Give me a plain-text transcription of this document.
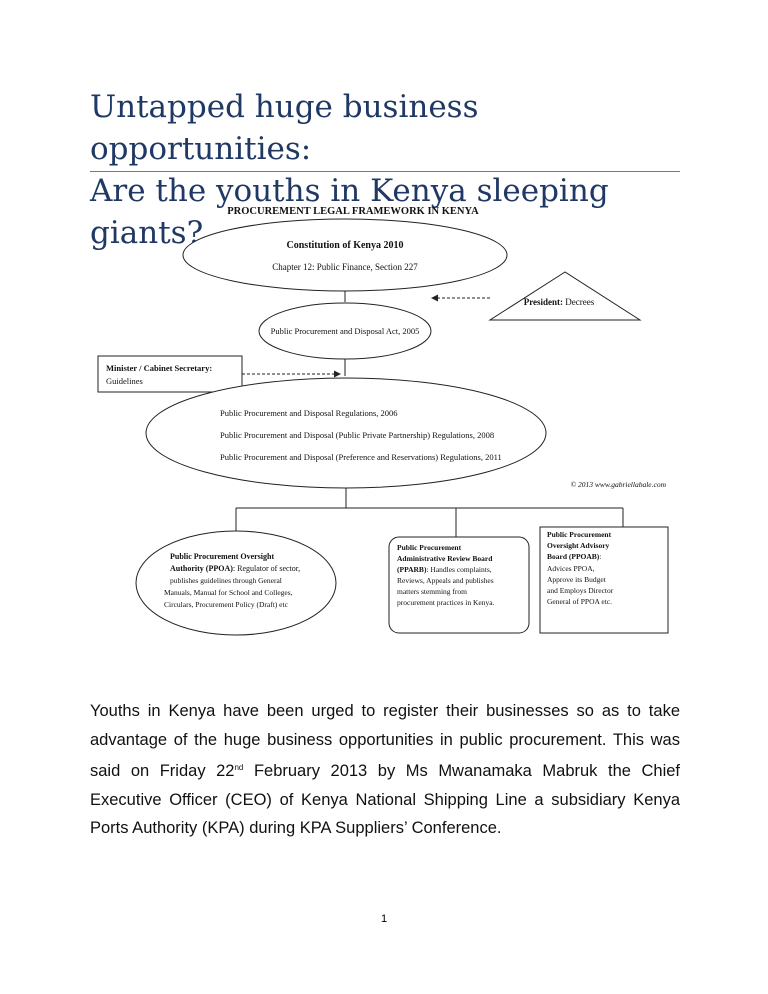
Untapped huge business opportunities:
Are the youths in Kenya sleeping giants?
PROCUREMENT LEGAL FRAMEWORK IN KENYA
Constitution of Kenya 2010
Chapter 12: Public Finance, Section 227
President: Decrees
Public Procurement and Disposal Act, 2005
Minister / Cabinet Secretary:
Guidelines
Public Procurement and Disposal Regulations, 2006
Public Procurement and Disposal (Public Private Partnership) Regulations, 2008
Public Procurement and Disposal (Preference and Reservations) Regulations, 2011
© 2013 www.gabriellabale.com
Public Procurement Oversight
Authority (PPOA): Regulator of sector,
publishes guidelines through General
Manuals, Manual for School and Colleges,
Circulars, Procurement Policy (Draft) etc
Public Procurement
Administrative Review Board
(PPARB): Handles complaints,
Reviews, Appeals and publishes
matters stemming from
procurement practices in Kenya.
Public Procurement
Oversight Advisory
Board (PPOAB):
Advices PPOA,
Approve its Budget
and Employs Director
General of PPOA etc.

Youths in Kenya have been urged to register their businesses so as to take advantage of the huge business opportunities in public procurement. This was said on Friday 22nd February 2013 by Ms Mwanamaka Mabruk the Chief Executive Officer (CEO) of Kenya National Shipping Line a subsidiary Kenya Ports Authority (KPA) during KPA Suppliers’ Conference.

1
